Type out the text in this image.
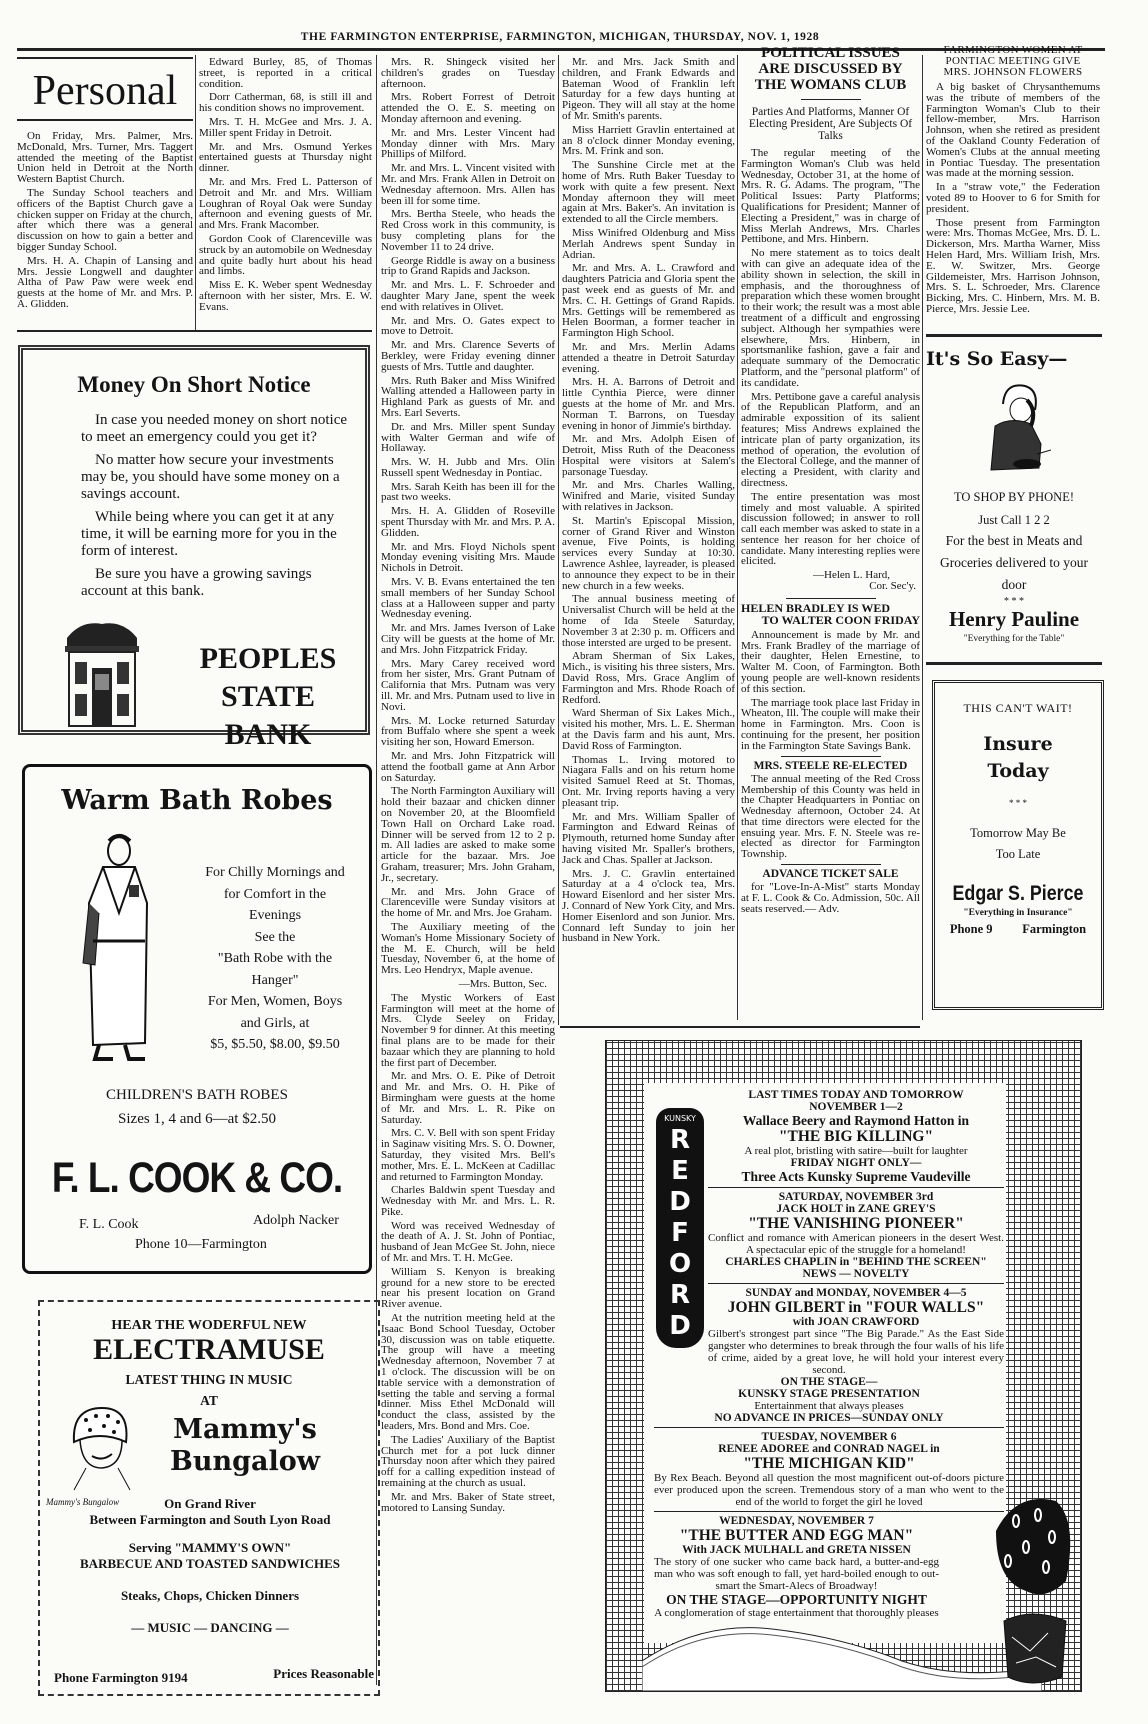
THE FARMINGTON ENTERPRISE, FARMINGTON, MICHIGAN, THURSDAY, NOV. 1, 1928
Personal

On Friday, Mrs. Palmer, Mrs. McDonald, Mrs. Turner, Mrs. Taggert attended the meeting of the Baptist Union held in Detroit at the North Western Baptist Church.

The Sunday School teachers and officers of the Baptist Church gave a chicken supper on Friday at the church, after which there was a general discussion on how to gain a better and bigger Sunday School.

Mrs. H. A. Chapin of Lansing and Mrs. Jessie Longwell and daughter Altha of Paw Paw were week end guests at the home of Mr. and Mrs. P. A. Glidden.

Edward Burley, 85, of Thomas street, is reported in a critical condition.

Dorr Catherman, 68, is still ill and his condition shows no improvement.

Mrs. T. H. McGee and Mrs. J. A. Miller spent Friday in Detroit.

Mr. and Mrs. Osmund Yerkes entertained guests at Thursday night dinner.

Mr. and Mrs. Fred L. Patterson of Detroit and Mr. and Mrs. William Loughran of Royal Oak were Sunday afternoon and evening guests of Mr. and Mrs. Frank Macomber.

Gordon Cook of Clarenceville was struck by an automobile on Wednesday and quite badly hurt about his head and limbs.

Miss E. K. Weber spent Wednesday afternoon with her sister, Mrs. E. W. Evans.

Mrs. R. Shingeck visited her children's grades on Tuesday afternoon.

Mrs. Robert Forrest of Detroit attended the O. E. S. meeting on Monday afternoon and evening.

Mr. and Mrs. Lester Vincent had Monday dinner with Mrs. Mary Phillips of Milford.

Mr. and Mrs. L. Vincent visited with Mr. and Mrs. Frank Allen in Detroit on Wednesday afternoon. Mrs. Allen has been ill for some time.

Mrs. Bertha Steele, who heads the Red Cross work in this community, is busy completing plans for the November 11 to 24 drive.

George Riddle is away on a business trip to Grand Rapids and Jackson.

Mr. and Mrs. L. F. Schroeder and daughter Mary Jane, spent the week end with relatives in Olivet.

Mr. and Mrs. O. Gates expect to move to Detroit.

Mr. and Mrs. Clarence Severts of Berkley, were Friday evening dinner guests of Mrs. Tuttle and daughter.

Mrs. Ruth Baker and Miss Winifred Walling attended a Halloween party in Highland Park as guests of Mr. and Mrs. Earl Severts.

Dr. and Mrs. Miller spent Sunday with Walter German and wife of Hollaway.

Mrs. W. H. Jubb and Mrs. Olin Russell spent Wednesday in Pontiac.

Mrs. Sarah Keith has been ill for the past two weeks.

Mrs. H. A. Glidden of Roseville spent Thursday with Mr. and Mrs. P. A. Glidden.

Mr. and Mrs. Floyd Nichols spent Monday evening visiting Mrs. Maude Nichols in Detroit.

Mrs. V. B. Evans entertained the ten small members of her Sunday School class at a Halloween supper and party Wednesday evening.

Mr. and Mrs. James Iverson of Lake City will be guests at the home of Mr. and Mrs. John Fitzpatrick Friday.

Mrs. Mary Carey received word from her sister, Mrs. Grant Putnam of California that Mrs. Putnam was very ill. Mr. and Mrs. Putnam used to live in Novi.

Mrs. M. Locke returned Saturday from Buffalo where she spent a week visiting her son, Howard Emerson.

Mr. and Mrs. John Fitzpatrick will attend the football game at Ann Arbor on Saturday.

The North Farmington Auxiliary will hold their bazaar and chicken dinner on November 20, at the Bloomfield Town Hall on Orchard Lake road. Dinner will be served from 12 to 2 p. m. All ladies are asked to make some article for the bazaar. Mrs. Joe Graham, treasurer; Mrs. John Graham, Jr., secretary.

Mr. and Mrs. John Grace of Clarenceville were Sunday visitors at the home of Mr. and Mrs. Joe Graham.

The Auxiliary meeting of the Woman's Home Missionary Society of the M. E. Church, will be held Tuesday, November 6, at the home of Mrs. Leo Hendryx, Maple avenue.

—Mrs. Button, Sec.

The Mystic Workers of East Farmington will meet at the home of Mrs. Clyde Seeley on Friday, November 9 for dinner. At this meeting final plans are to be made for their bazaar which they are planning to hold the first part of December.

Mr. and Mrs. O. E. Pike of Detroit and Mr. and Mrs. O. H. Pike of Birmingham were guests at the home of Mr. and Mrs. L. R. Pike on Saturday.

Mrs. C. V. Bell with son spent Friday in Saginaw visiting Mrs. S. O. Downer, Saturday, they visited Mrs. Bell's mother, Mrs. E. L. McKeen at Cadillac and returned to Farmington Monday.

Charles Baldwin spent Tuesday and Wednesday with Mr. and Mrs. L. R. Pike.

Word was received Wednesday of the death of A. J. St. John of Pontiac, husband of Jean McGee St. John, niece of Mr. and Mrs. T. H. McGee.

William S. Kenyon is breaking ground for a new store to be erected near his present location on Grand River avenue.

At the nutrition meeting held at the Isaac Bond School Tuesday, October 30, discussion was on table etiquette. The group will have a meeting Wednesday afternoon, November 7 at 1 o'clock. The discussion will be on table service with a demonstration of setting the table and serving a formal dinner. Miss Ethel McDonald will conduct the class, assisted by the leaders, Mrs. Bond and Mrs. Coe.

The Ladies' Auxiliary of the Baptist Church met for a pot luck dinner Thursday noon after which they paired off for a calling expedition instead of remaining at the church as usual.

Mr. and Mrs. Baker of State street, motored to Lansing Sunday.

Mr. and Mrs. Jack Smith and children, and Frank Edwards and Bateman Wood of Franklin left Saturday for a few days hunting at Pigeon. They will all stay at the home of Mr. Smith's parents.

Miss Harriett Gravlin entertained at an 8 o'clock dinner Monday evening, Mrs. M. Frink and son.

The Sunshine Circle met at the home of Mrs. Ruth Baker Tuesday to work with quite a few present. Next Monday afternoon they will meet again at Mrs. Baker's. An invitation is extended to all the Circle members.

Miss Winifred Oldenburg and Miss Merlah Andrews spent Sunday in Adrian.

Mr. and Mrs. A. L. Crawford and daughters Patricia and Gloria spent the past week end as guests of Mr. and Mrs. C. H. Gettings of Grand Rapids. Mrs. Gettings will be remembered as Helen Boorman, a former teacher in Farmington High School.

Mr. and Mrs. Merlin Adams attended a theatre in Detroit Saturday evening.

Mrs. H. A. Barrons of Detroit and little Cynthia Pierce, were dinner guests at the home of Mr. and Mrs. Norman T. Barrons, on Tuesday evening in honor of Jimmie's birthday.

Mr. and Mrs. Adolph Eisen of Detroit, Miss Ruth of the Deaconess Hospital were visitors at Salem's parsonage Tuesday.

Mr. and Mrs. Charles Walling, Winifred and Marie, visited Sunday with relatives in Jackson.

St. Martin's Episcopal Mission, corner of Grand River and Winston avenue, Five Points, is holding services every Sunday at 10:30. Lawrence Ashlee, layreader, is pleased to announce they expect to be in their new church in a few weeks.

The annual business meeting of Universalist Church will be held at the home of Ida Steele Saturday, November 3 at 2:30 p. m. Officers and those intersted are urged to be present.

Abram Sherman of Six Lakes, Mich., is visiting his three sisters, Mrs. David Ross, Mrs. Grace Anglim of Farmington and Mrs. Rhode Roach of Redford.

Ward Sherman of Six Lakes Mich., visited his mother, Mrs. L. E. Sherman at the Davis farm and his aunt, Mrs. David Ross of Farmington.

Thomas L. Irving motored to Niagara Falls and on his return home visited Samuel Reed at St. Thomas, Ont. Mr. Irving reports having a very pleasant trip.

Mr. and Mrs. William Spaller of Farmington and Edward Reinas of Plymouth, returned home Sunday after having visited Mr. Spaller's brothers, Jack and Chas. Spaller at Jackson.

Mrs. J. C. Gravlin entertained Saturday at a 4 o'clock tea, Mrs. Howard Eisenlord and her sister Mrs. J. Connard of New York City, and Mrs. Homer Eisenlord and son Junior. Mrs. Connard left Sunday to join her husband in New York.

POLITICAL ISSUES
ARE DISCUSSED BY
THE WOMANS CLUB
Parties And Platforms, Manner Of Electing President, Are Subjects Of Talks

The regular meeting of the Farmington Woman's Club was held Wednesday, October 31, at the home of Mrs. R. G. Adams. The program, "The Political Issues: Party Platforms; Qualifications for President; Manner of Electing a President," was in charge of Miss Merlah Andrews, Mrs. Charles Pettibone, and Mrs. Hinbern.

No mere statement as to toics dealt with can give an adequate idea of the ability shown in selection, the skill in emphasis, and the thoroughness of preparation which these women brought to their work; the result was a most able treatment of a difficult and engrossing subject. Although her sympathies were elsewhere, Mrs. Hinbern, in sportsmanlike fashion, gave a fair and adequate summary of the Democratic Platform, and the "personal platform" of its candidate.

Mrs. Pettibone gave a careful analysis of the Republican Platform, and an admirable expossition of its salient features; Miss Andrews explained the intricate plan of party organization, its method of operation, the evolution of the Electoral College, and the manner of electing a President, with clarity and directness.

The entire presentation was most timely and most valuable. A spirited discussion followed; in answer to roll call each member was asked to state in a sentence her reason for her choice of candidate. Many interesting replies were elicited.

—Helen L. Hard,
Cor. Sec'y.
HELEN BRADLEY IS WED
TO WALTER COON FRIDAY

Announcement is made by Mr. and Mrs. Frank Bradley of the marriage of their daughter, Helen Ernestine, to Walter M. Coon, of Farmington. Both young people are well-known residents of this section.

The marriage took place last Friday in Wheaton, Ill. The couple will make their home in Farmington. Mrs. Coon is continuing for the present, her position in the Farmington State Savings Bank.

MRS. STEELE RE-ELECTED

The annual meeting of the Red Cross Membership of this County was held in the Chapter Headquarters in Pontiac on Wednesday afternoon, October 24. At that time directors were elected for the ensuing year. Mrs. F. N. Steele was re-elected as director for Farmington Township.

ADVANCE TICKET SALE

for "Love-In-A-Mist" starts Monday at F. L. Cook & Co. Admission, 50c. All seats reserved.— Adv.

FARMINGTON WOMEN AT
PONTIAC MEETING GIVE
MRS. JOHNSON FLOWERS

A big basket of Chrysanthemums was the tribute of members of the Farmington Woman's Club to their fellow-member, Mrs. Harrison Johnson, when she retired as president of the Oakland County Federation of Women's Clubs at the annual meeting in Pontiac Tuesday. The presentation was made at the morning session.

In a "straw vote," the Federation voted 89 to Hoover to 6 for Smith for president.

Those present from Farmington were: Mrs. Thomas McGee, Mrs. D. L. Dickerson, Mrs. Martha Warner, Miss Helen Hard, Mrs. William Irish, Mrs. E. W. Switzer, Mrs. George Gildemeister, Mrs. Harrison Johnson, Mrs. S. L. Schroeder, Mrs. Clarence Bicking, Mrs. C. Hinbern, Mrs. M. B. Pierce, Mrs. Jessie Lee.

Money On Short Notice

In case you needed money on short notice to meet an emergency could you get it?

No matter how secure your investments may be, you should have some money on a savings account.

While being where you can get it at any time, it will be earning more for you in the form of interest.

Be sure you have a growing savings account at this bank.

PEOPLES STATE
BANK
Warm Bath Robes
For Chilly Mornings and
for Comfort in the
Evenings
See the
"Bath Robe with the
Hanger"
For Men, Women, Boys
and Girls, at
$5, $5.50, $8.00, $9.50
CHILDREN'S BATH ROBES
Sizes 1, 4 and 6—at $2.50
F. L. COOK & CO.
F. L. Cook	Adolph Nacker
Phone 10—Farmington
HEAR THE WODERFUL NEW
ELECTRAMUSE
LATEST THING IN MUSIC
AT
Mammy's Bungalow
Mammy's
Bungalow
On Grand River
Between Farmington and South Lyon Road
Serving "MAMMY'S OWN"
BARBECUE AND TOASTED SANDWICHES
Steaks, Chops, Chicken Dinners
— MUSIC — DANCING —
Phone Farmington 9194	Prices Reasonable
It's So Easy—
TO SHOP BY PHONE!
Just Call 1 2 2
For the best in Meats and Groceries delivered to your door
* * *
Henry Pauline
"Everything for the Table"
THIS CAN'T WAIT!
Insure
Today
* * *
Tomorrow May Be
Too Late
Edgar S. Pierce
"Everything in Insurance"
Phone 9 Farmington
KUNSKY
R
E
D
F
O
R
D
LAST TIMES TODAY AND TOMORROW
NOVEMBER 1—2
Wallace Beery and Raymond Hatton in
"THE BIG KILLING"
A real plot, bristling with satire—built for laughter
FRIDAY NIGHT ONLY—
Three Acts Kunsky Supreme Vaudeville
SATURDAY, NOVEMBER 3rd
JACK HOLT in ZANE GREY'S
"THE VANISHING PIONEER"
Conflict and romance with American pioneers in the desert West. A spectacular epic of the struggle for a homeland!
CHARLES CHAPLIN in "BEHIND THE SCREEN"
NEWS — NOVELTY
SUNDAY and MONDAY, NOVEMBER 4—5
JOHN GILBERT in "FOUR WALLS"
with JOAN CRAWFORD
Gilbert's strongest part since "The Big Parade." As the East Side gangster who determines to break through the four walls of his life of crime, aided by a great love, he will hold your interest every second.
ON THE STAGE—
KUNSKY STAGE PRESENTATION
Entertainment that always pleases
NO ADVANCE IN PRICES—SUNDAY ONLY
TUESDAY, NOVEMBER 6
RENEE ADOREE and CONRAD NAGEL in
"THE MICHIGAN KID"
By Rex Beach. Beyond all question the most magnificent out-of-doors picture ever produced upon the screen. Tremendous story of a man who went to the end of the world to forget the girl he loved
WEDNESDAY, NOVEMBER 7
"THE BUTTER AND EGG MAN"
With JACK MULHALL and GRETA NISSEN
The story of one sucker who came back hard, a butter-and-egg man who was soft enough to fall, yet hard-boiled enough to out-smart the Smart-Alecs of Broadway!
ON THE STAGE—OPPORTUNITY NIGHT
A conglomeration of stage entertainment that thoroughly pleases
